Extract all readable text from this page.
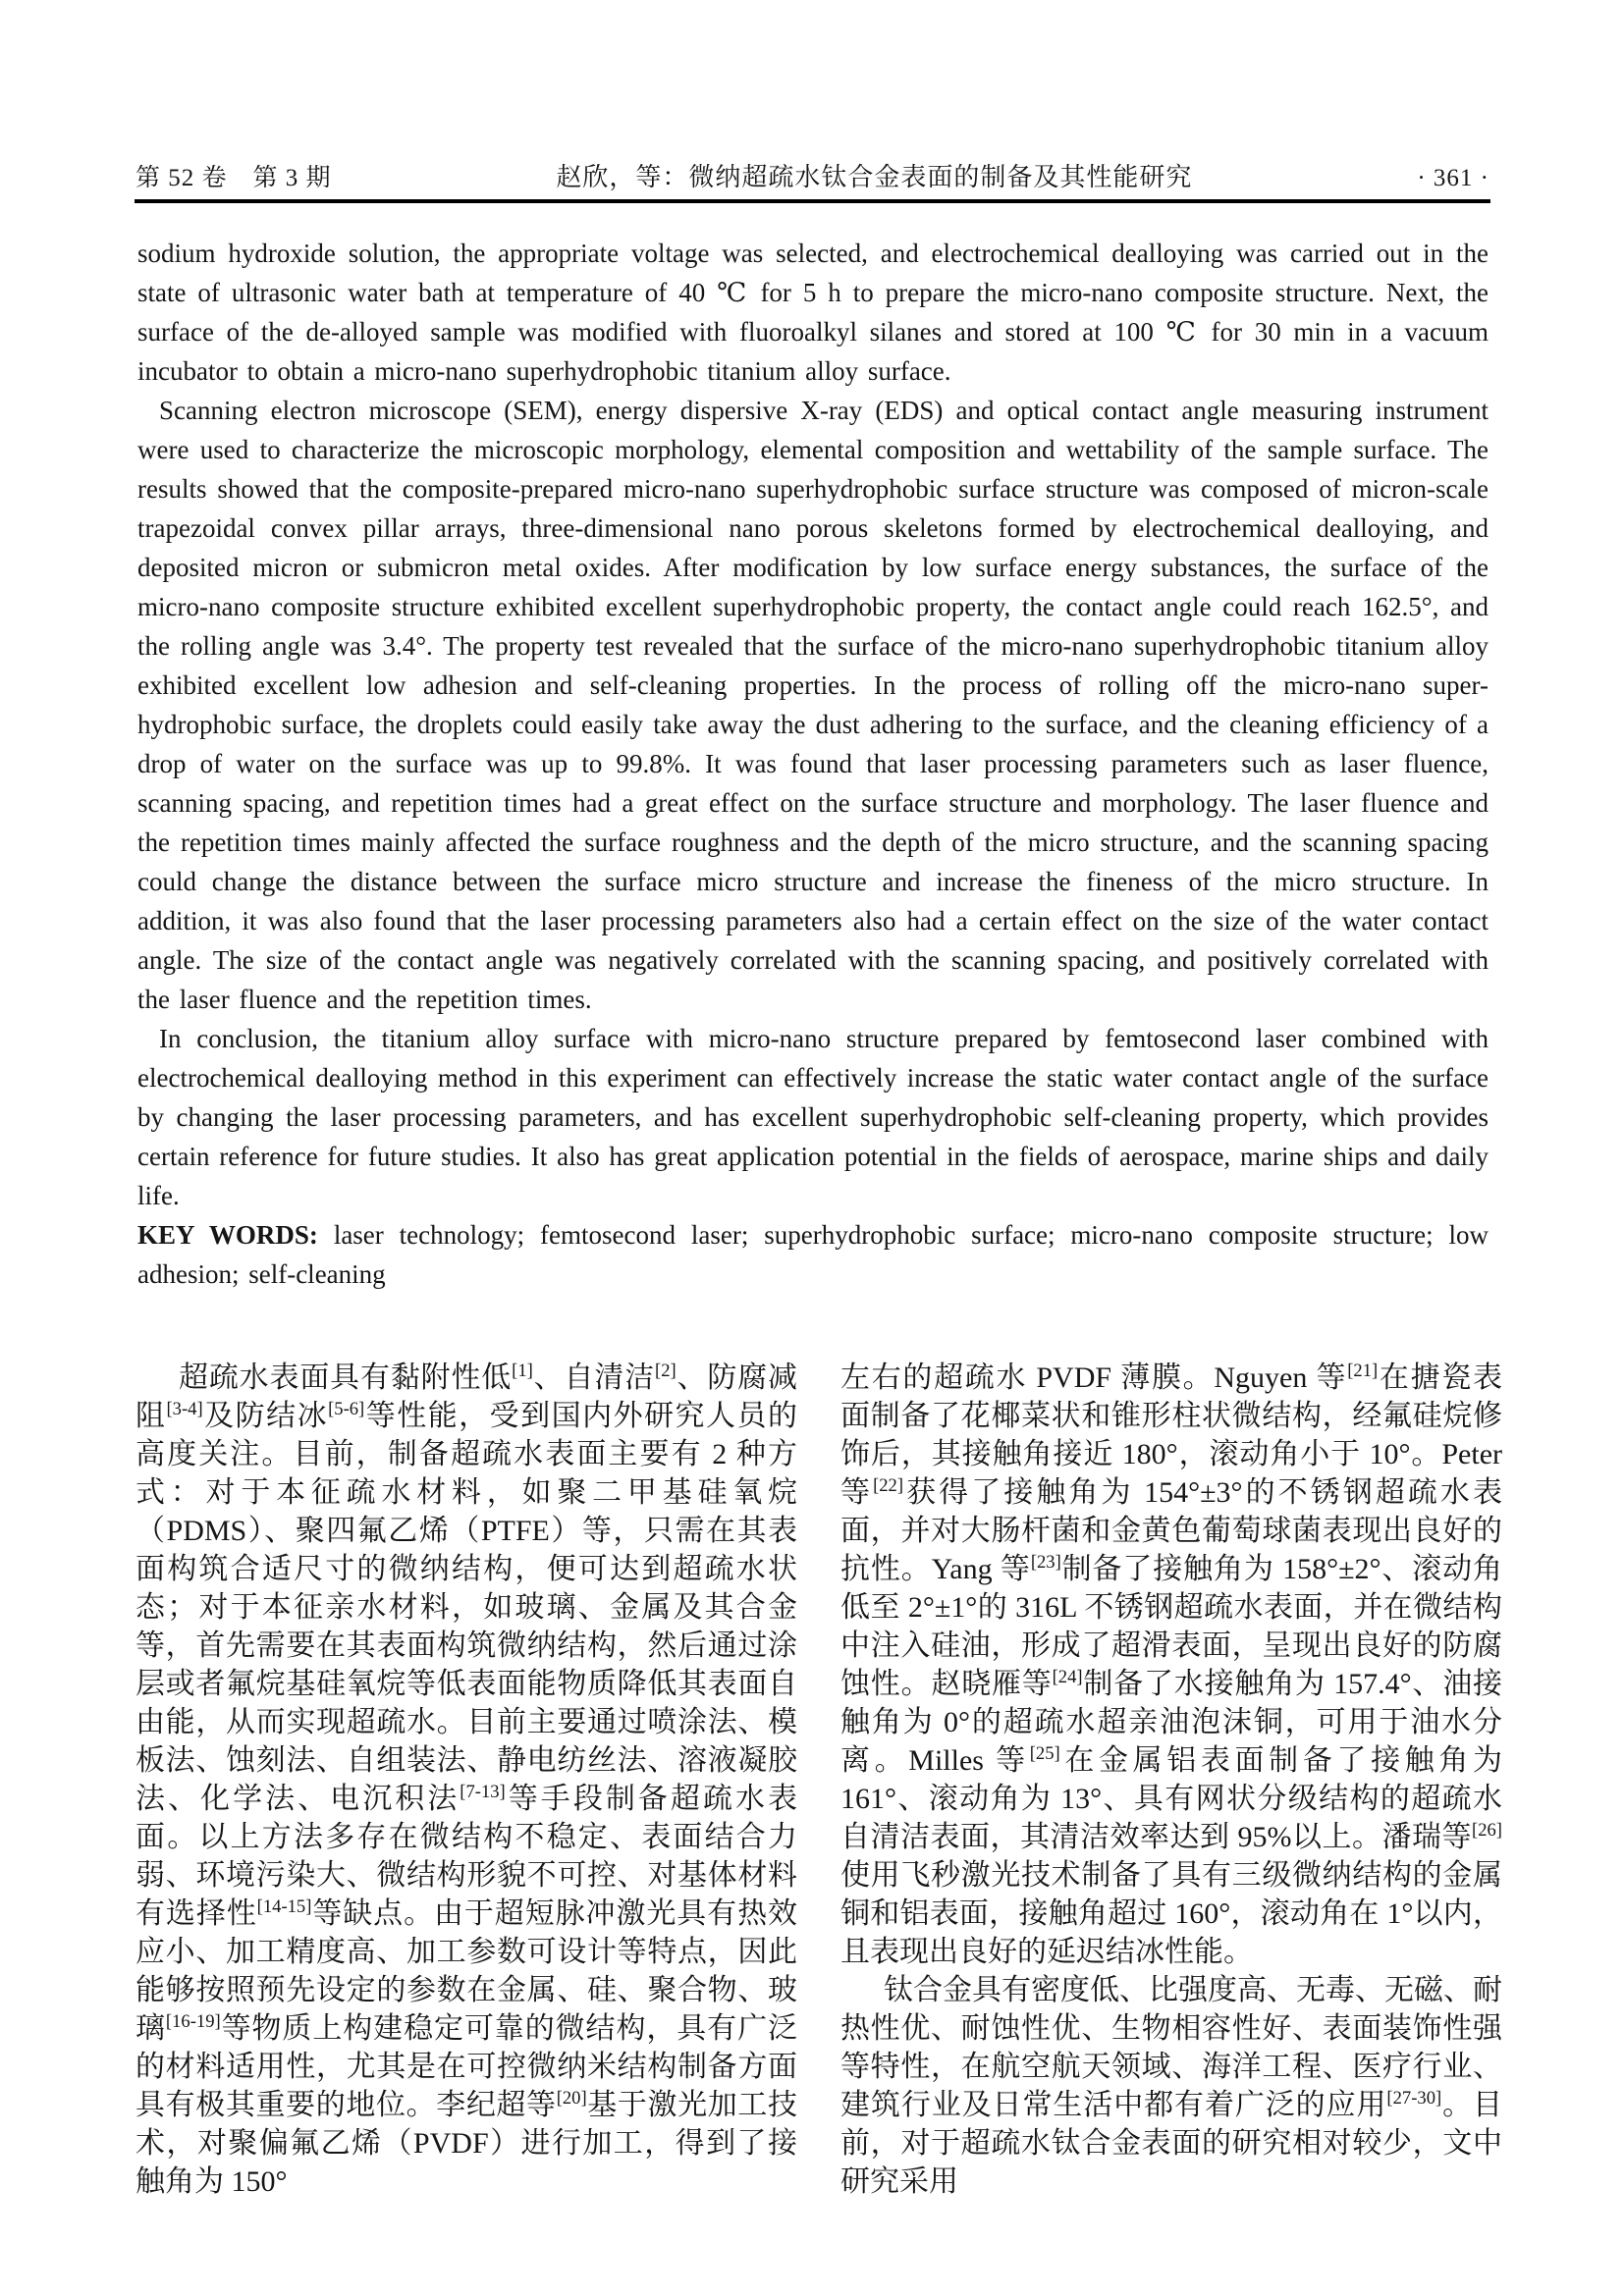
第 52 卷　第 3 期	赵欣，等：微纳超疏水钛合金表面的制备及其性能研究	· 361 ·

sodium hydroxide solution, the appropriate voltage was selected, and electrochemical dealloying was carried out in the state of ultrasonic water bath at temperature of 40 ℃ for 5 h to prepare the micro-nano composite structure. Next, the surface of the de-alloyed sample was modified with fluoroalkyl silanes and stored at 100 ℃ for 30 min in a vacuum incubator to obtain a micro-nano superhydrophobic titanium alloy surface.

Scanning electron microscope (SEM), energy dispersive X-ray (EDS) and optical contact angle measuring instrument were used to characterize the microscopic morphology, elemental composition and wettability of the sample surface. The results showed that the composite-prepared micro-nano superhydrophobic surface structure was composed of micron-scale trapezoidal convex pillar arrays, three-dimensional nano porous skeletons formed by electrochemical dealloying, and deposited micron or submicron metal oxides. After modification by low surface energy substances, the surface of the micro-nano composite structure exhibited excellent superhydrophobic property, the contact angle could reach 162.5°, and the rolling angle was 3.4°. The property test revealed that the surface of the micro-nano superhydrophobic titanium alloy exhibited excellent low adhesion and self-cleaning properties. In the process of rolling off the micro-nano super-hydrophobic surface, the droplets could easily take away the dust adhering to the surface, and the cleaning efficiency of a drop of water on the surface was up to 99.8%. It was found that laser processing parameters such as laser fluence, scanning spacing, and repetition times had a great effect on the surface structure and morphology. The laser fluence and the repetition times mainly affected the surface roughness and the depth of the micro structure, and the scanning spacing could change the distance between the surface micro structure and increase the fineness of the micro structure. In addition, it was also found that the laser processing parameters also had a certain effect on the size of the water contact angle. The size of the contact angle was negatively correlated with the scanning spacing, and positively correlated with the laser fluence and the repetition times.

In conclusion, the titanium alloy surface with micro-nano structure prepared by femtosecond laser combined with electrochemical dealloying method in this experiment can effectively increase the static water contact angle of the surface by changing the laser processing parameters, and has excellent superhydrophobic self-cleaning property, which provides certain reference for future studies. It also has great application potential in the fields of aerospace, marine ships and daily life.

KEY WORDS: laser technology; femtosecond laser; superhydrophobic surface; micro-nano composite structure; low adhesion; self-cleaning

超疏水表面具有黏附性低[1]、自清洁[2]、防腐减阻[3-4]及防结冰[5-6]等性能，受到国内外研究人员的高度关注。目前，制备超疏水表面主要有 2 种方式：对于本征疏水材料，如聚二甲基硅氧烷（PDMS）、聚四氟乙烯（PTFE）等，只需在其表面构筑合适尺寸的微纳结构，便可达到超疏水状态；对于本征亲水材料，如玻璃、金属及其合金等，首先需要在其表面构筑微纳结构，然后通过涂层或者氟烷基硅氧烷等低表面能物质降低其表面自由能，从而实现超疏水。目前主要通过喷涂法、模板法、蚀刻法、自组装法、静电纺丝法、溶液凝胶法、化学法、电沉积法[7-13]等手段制备超疏水表面。以上方法多存在微结构不稳定、表面结合力弱、环境污染大、微结构形貌不可控、对基体材料有选择性[14-15]等缺点。由于超短脉冲激光具有热效应小、加工精度高、加工参数可设计等特点，因此能够按照预先设定的参数在金属、硅、聚合物、玻璃[16-19]等物质上构建稳定可靠的微结构，具有广泛的材料适用性，尤其是在可控微纳米结构制备方面具有极其重要的地位。李纪超等[20]基于激光加工技术，对聚偏氟乙烯（PVDF）进行加工，得到了接触角为 150°

左右的超疏水 PVDF 薄膜。Nguyen 等[21]在搪瓷表面制备了花椰菜状和锥形柱状微结构，经氟硅烷修饰后，其接触角接近 180°，滚动角小于 10°。Peter 等[22]获得了接触角为 154°±3°的不锈钢超疏水表面，并对大肠杆菌和金黄色葡萄球菌表现出良好的抗性。Yang 等[23]制备了接触角为 158°±2°、滚动角低至 2°±1°的 316L 不锈钢超疏水表面，并在微结构中注入硅油，形成了超滑表面，呈现出良好的防腐蚀性。赵晓雁等[24]制备了水接触角为 157.4°、油接触角为 0°的超疏水超亲油泡沫铜，可用于油水分离。Milles 等[25]在金属铝表面制备了接触角为 161°、滚动角为 13°、具有网状分级结构的超疏水自清洁表面，其清洁效率达到 95%以上。潘瑞等[26]使用飞秒激光技术制备了具有三级微纳结构的金属铜和铝表面，接触角超过 160°，滚动角在 1°以内，且表现出良好的延迟结冰性能。

钛合金具有密度低、比强度高、无毒、无磁、耐热性优、耐蚀性优、生物相容性好、表面装饰性强等特性，在航空航天领域、海洋工程、医疗行业、建筑行业及日常生活中都有着广泛的应用[27-30]。目前，对于超疏水钛合金表面的研究相对较少，文中研究采用
